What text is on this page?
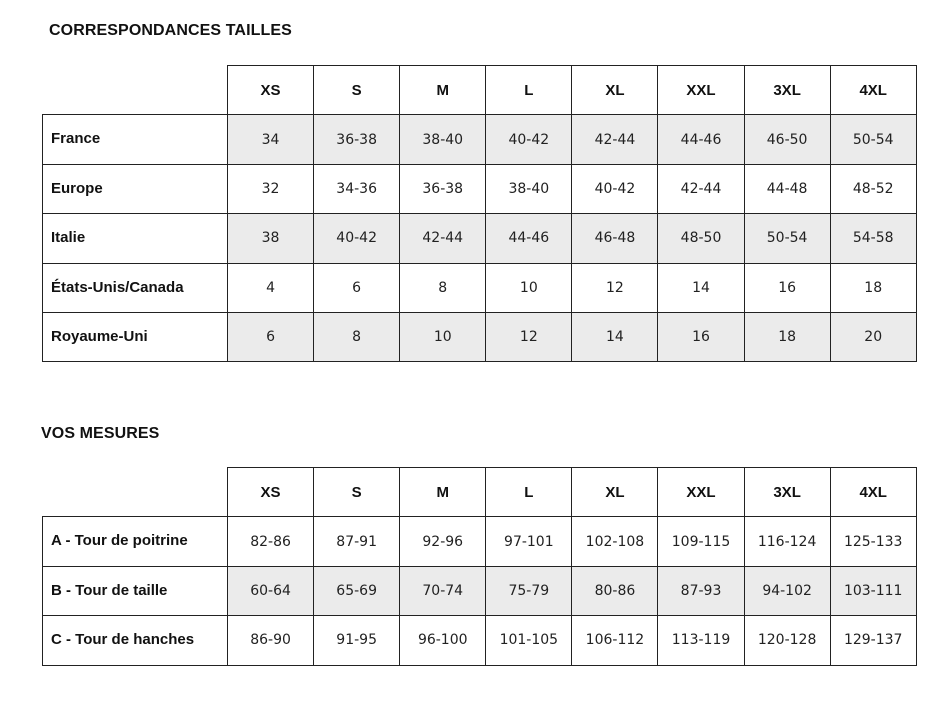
CORRESPONDANCES TAILLES
	XS	S	M	L	XL	XXL	3XL	4XL
France	34	36-38	38-40	40-42	42-44	44-46	46-50	50-54
Europe	32	34-36	36-38	38-40	40-42	42-44	44-48	48-52
Italie	38	40-42	42-44	44-46	46-48	48-50	50-54	54-58
États-Unis/Canada	4	6	8	10	12	14	16	18
Royaume-Uni	6	8	10	12	14	16	18	20
VOS MESURES
	XS	S	M	L	XL	XXL	3XL	4XL
A - Tour de poitrine	82-86	87-91	92-96	97-101	102-108	109-115	116-124	125-133
B - Tour de taille	60-64	65-69	70-74	75-79	80-86	87-93	94-102	103-111
C - Tour de hanches	86-90	91-95	96-100	101-105	106-112	113-119	120-128	129-137
